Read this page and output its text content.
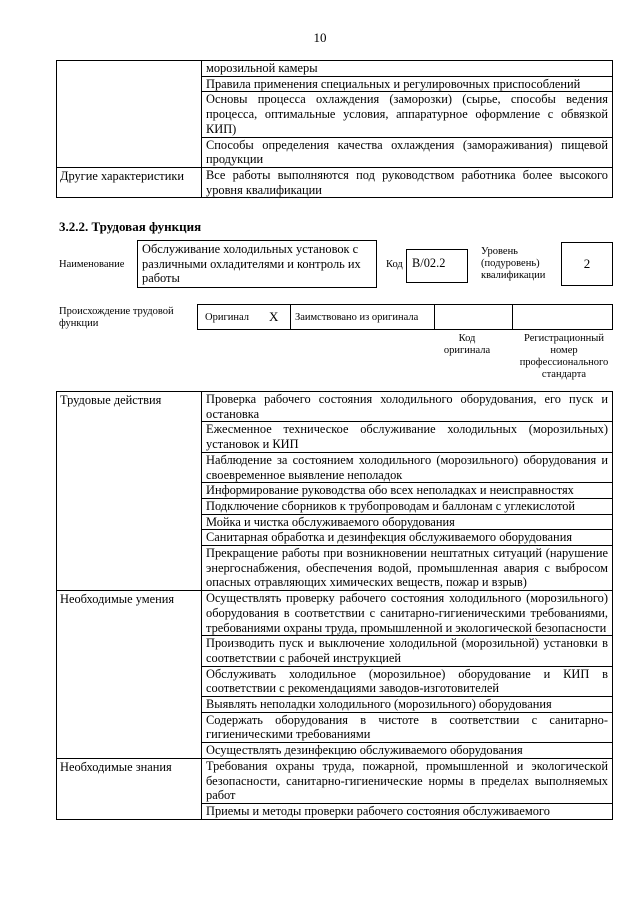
10
	морозильной камеры
	Правила применения специальных и регулировочных приспособлений
	Основы процесса охлаждения (заморозки) (сырье, способы ведения процесса, оптимальные условия, аппаратурное оформление с обвязкой КИП)
	Способы определения качества охлаждения (замораживания) пищевой продукции
Другие характеристики	Все работы выполняются под руководством работника более высокого уровня квалификации
3.2.2. Трудовая функция
Наименование
Обслуживание холодильных установок с различными охладителями и контроль их работы
Код В/02.2
Уровень (подуровень) квалификации
2
Происхождение трудовой функции
Оригинал Х Заимствовано из оригинала
Код оригинала
Регистрационный номер профессионального стандарта
Трудовые действия	Проверка рабочего состояния холодильного оборудования, его пуск и остановка
	Ежесменное техническое обслуживание холодильных (морозильных) установок и КИП
	Наблюдение за состоянием холодильного (морозильного) оборудования и своевременное выявление неполадок
	Информирование руководства обо всех неполадках и неисправностях
	Подключение сборников к трубопроводам и баллонам с углекислотой
	Мойка и чистка обслуживаемого оборудования
	Санитарная обработка и дезинфекция обслуживаемого оборудования
	Прекращение работы при возникновении нештатных ситуаций (нарушение энергоснабжения, обеспечения водой, промышленная авария с выбросом опасных отравляющих химических веществ, пожар и взрыв)
Необходимые умения	Осуществлять проверку рабочего состояния холодильного (морозильного) оборудования в соответствии с санитарно-гигиеническими требованиями, требованиями охраны труда, промышленной и экологической безопасности
	Производить пуск и выключение холодильной (морозильной) установки в соответствии с рабочей инструкцией
	Обслуживать холодильное (морозильное) оборудование и КИП в соответствии с рекомендациями заводов-изготовителей
	Выявлять неполадки холодильного (морозильного) оборудования
	Содержать оборудования в чистоте в соответствии с санитарно-гигиеническими требованиями
	Осуществлять дезинфекцию обслуживаемого оборудования
Необходимые знания	Требования охраны труда, пожарной, промышленной и экологической безопасности, санитарно-гигиенические нормы в пределах выполняемых работ
	Приемы и методы проверки рабочего состояния обслуживаемого
